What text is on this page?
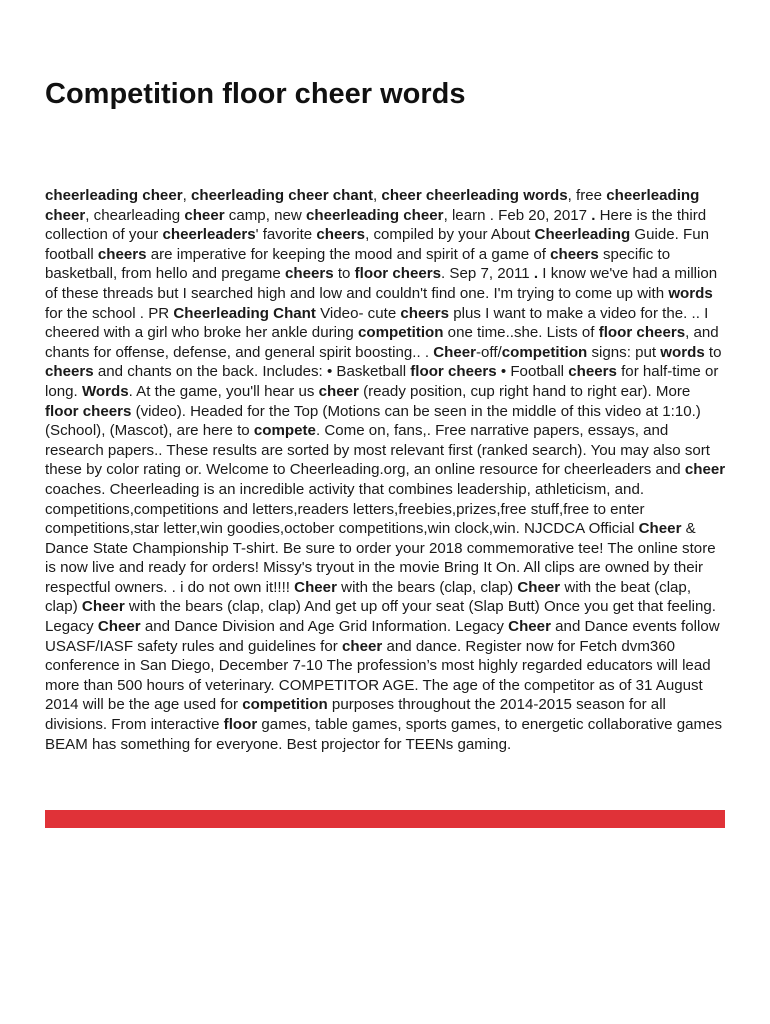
Competition floor cheer words

cheerleading cheer, cheerleading cheer chant, cheer cheerleading words, free cheerleading cheer, chearleading cheer camp, new cheerleading cheer, learn . Feb 20, 2017 . Here is the third collection of your cheerleaders' favorite cheers, compiled by your About Cheerleading Guide. Fun football cheers are imperative for keeping the mood and spirit of a game of cheers specific to basketball, from hello and pregame cheers to floor cheers. Sep 7, 2011 . I know we've had a million of these threads but I searched high and low and couldn't find one. I'm trying to come up with words for the school . PR Cheerleading Chant Video- cute cheers plus I want to make a video for the. .. I cheered with a girl who broke her ankle during competition one time..she. Lists of floor cheers, and chants for offense, defense, and general spirit boosting.. . Cheer-off/competition signs: put words to cheers and chants on the back. Includes: • Basketball floor cheers • Football cheers for half-time or long. Words. At the game, you'll hear us cheer (ready position, cup right hand to right ear). More floor cheers (video). Headed for the Top (Motions can be seen in the middle of this video at 1:10.) (School), (Mascot), are here to compete. Come on, fans,. Free narrative papers, essays, and research papers.. These results are sorted by most relevant first (ranked search). You may also sort these by color rating or. Welcome to Cheerleading.org, an online resource for cheerleaders and cheer coaches. Cheerleading is an incredible activity that combines leadership, athleticism, and. competitions,competitions and letters,readers letters,freebies,prizes,free stuff,free to enter competitions,star letter,win goodies,october competitions,win clock,win. NJCDCA Official Cheer & Dance State Championship T-shirt. Be sure to order your 2018 commemorative tee! The online store is now live and ready for orders! Missy's tryout in the movie Bring It On. All clips are owned by their respectful owners. . i do not own it!!!! Cheer with the bears (clap, clap) Cheer with the beat (clap, clap) Cheer with the bears (clap, clap) And get up off your seat (Slap Butt) Once you get that feeling. Legacy Cheer and Dance Division and Age Grid Information. Legacy Cheer and Dance events follow USASF/IASF safety rules and guidelines for cheer and dance. Register now for Fetch dvm360 conference in San Diego, December 7-10 The profession’s most highly regarded educators will lead more than 500 hours of veterinary. COMPETITOR AGE. The age of the competitor as of 31 August 2014 will be the age used for competition purposes throughout the 2014-2015 season for all divisions. From interactive floor games, table games, sports games, to energetic collaborative games BEAM has something for everyone. Best projector for TEENs gaming.
